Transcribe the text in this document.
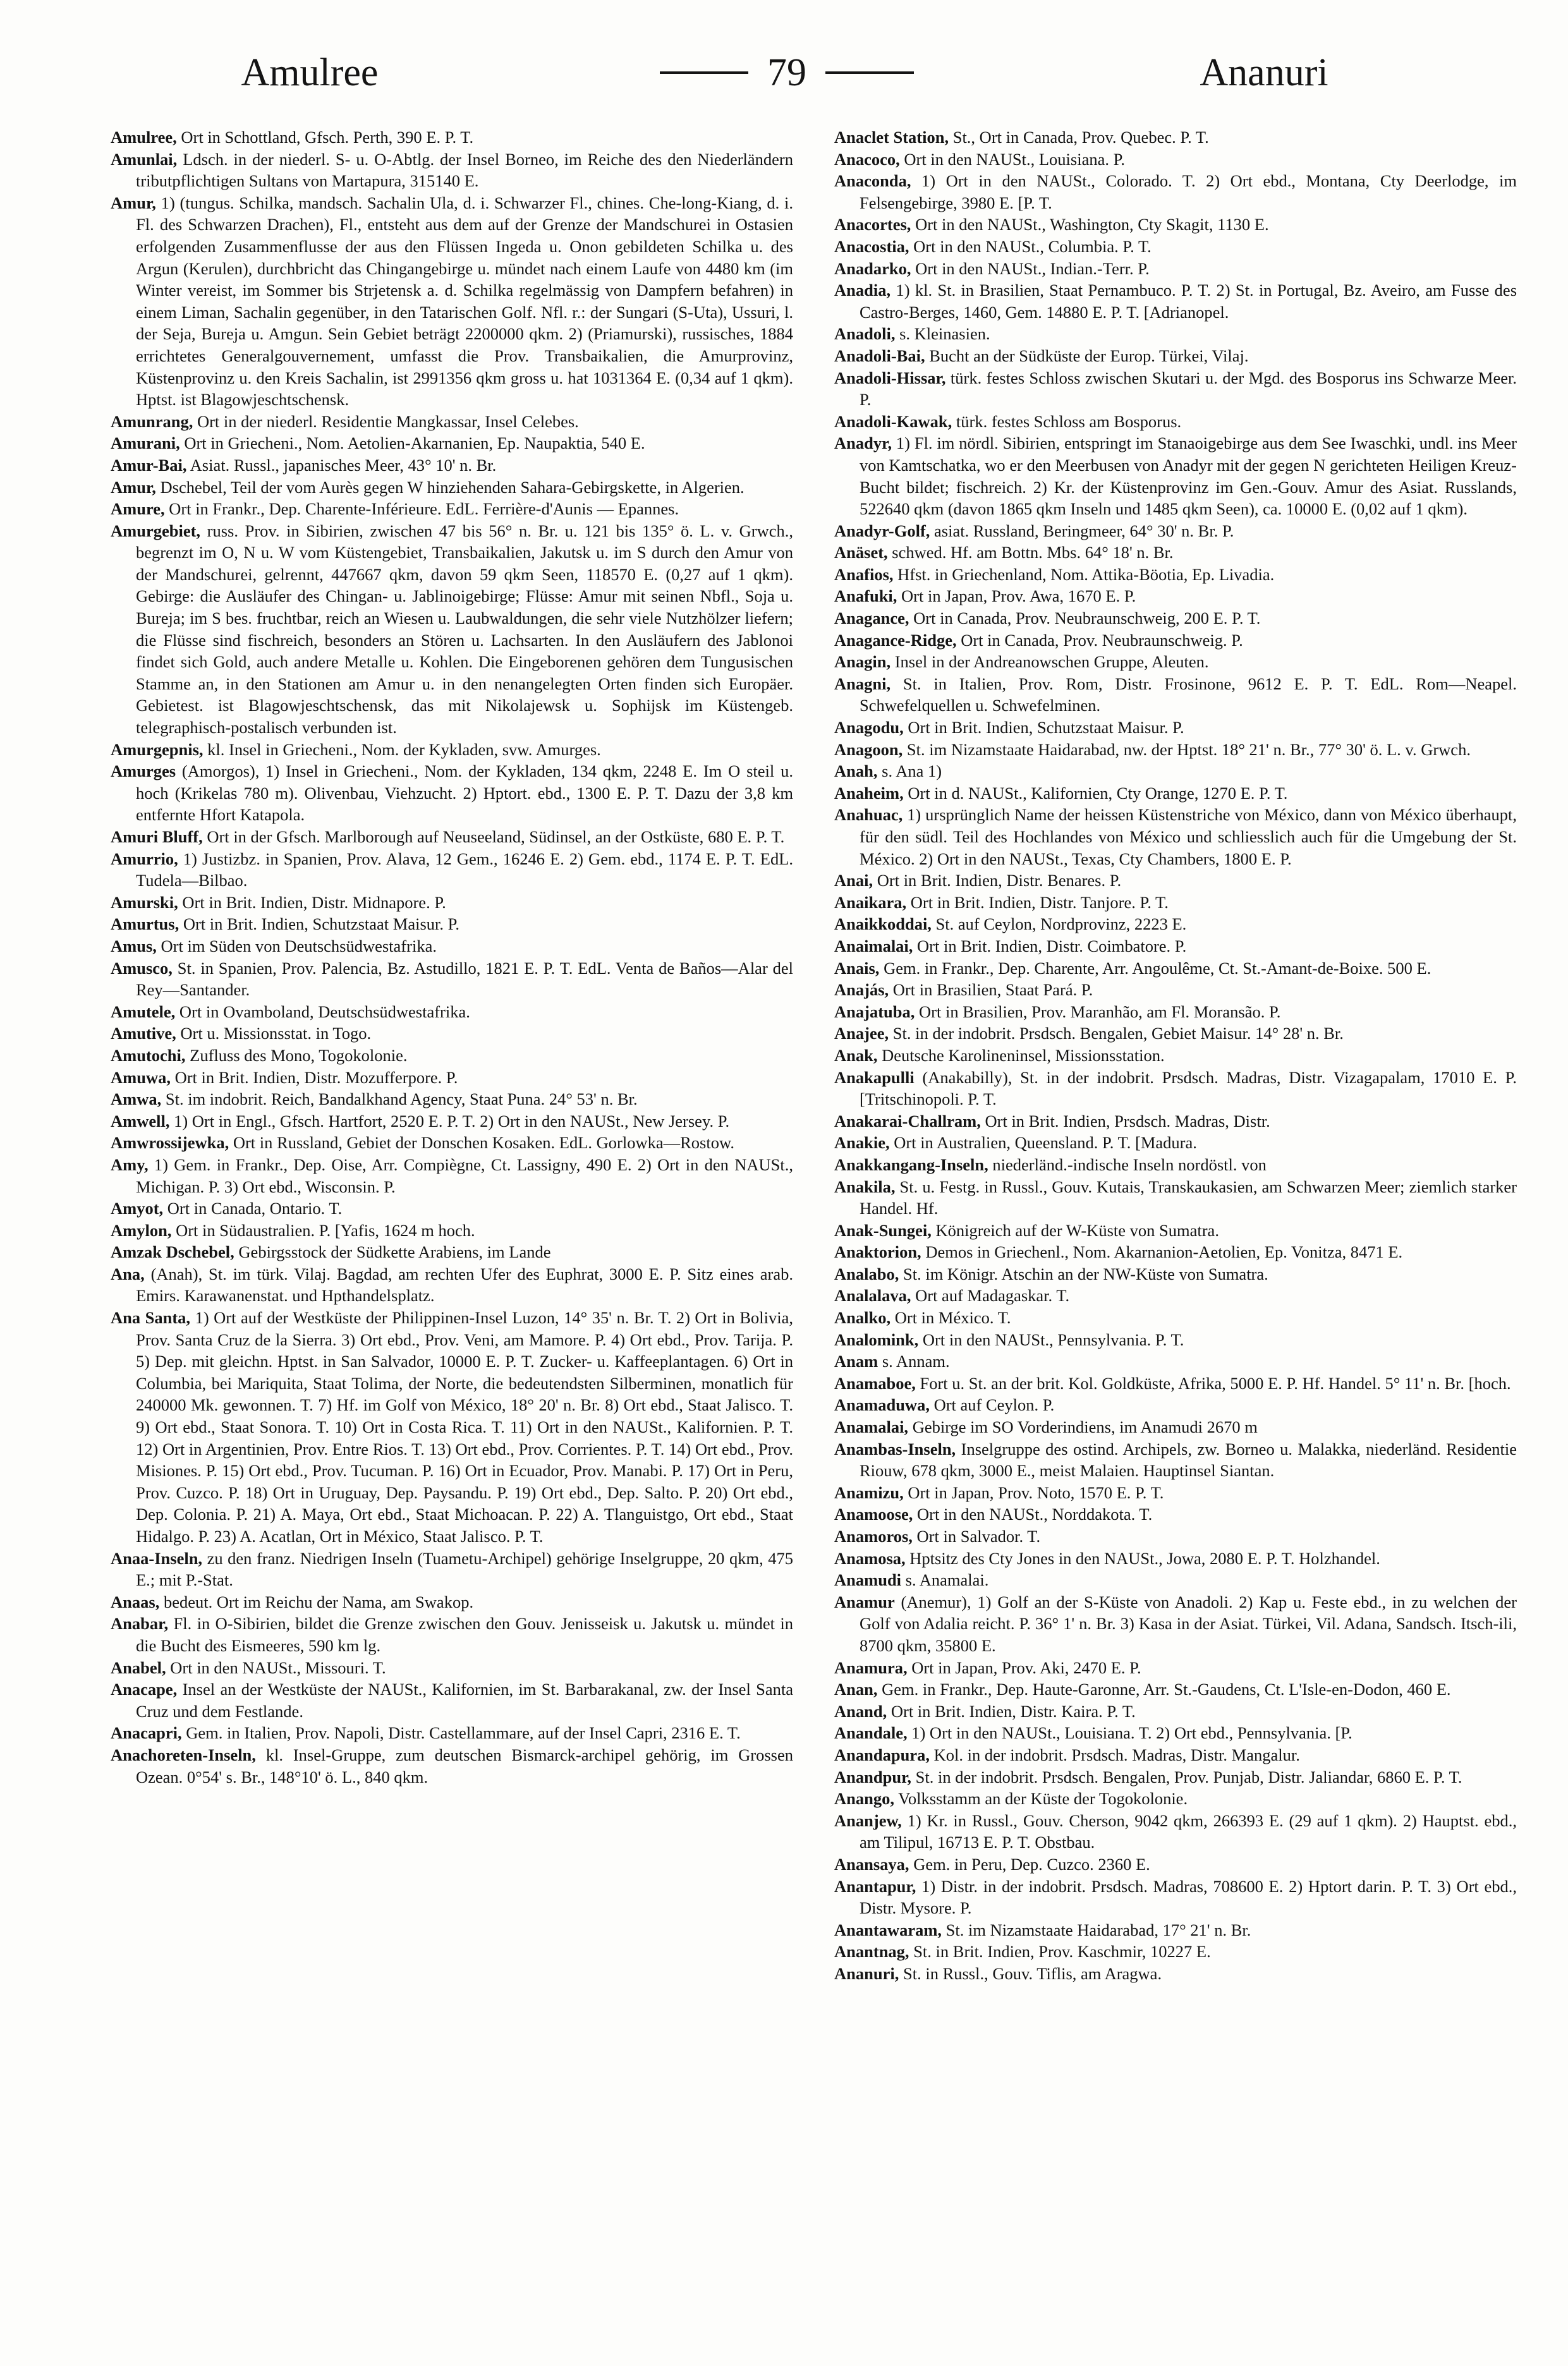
Amulree	79	Ananuri

Amulree, Ort in Schottland, Gfsch. Perth, 390 E. P. T.

Amunlai, Ldsch. in der niederl. S- u. O-Abtlg. der Insel Borneo, im Reiche des den Niederländern tributpflichtigen Sultans von Martapura, 315140 E.

Amur, 1) (tungus. Schilka, mandsch. Sachalin Ula, d. i. Schwarzer Fl., chines. Che-long-Kiang, d. i. Fl. des Schwarzen Drachen), Fl., entsteht aus dem auf der Grenze der Mandschurei in Ostasien erfolgenden Zusammenflusse der aus den Flüssen Ingeda u. Onon gebildeten Schilka u. des Argun (Kerulen), durchbricht das Chingangebirge u. mündet nach einem Laufe von 4480 km (im Winter vereist, im Sommer bis Strjetensk a. d. Schilka regelmässig von Dampfern befahren) in einem Liman, Sachalin gegenüber, in den Tatarischen Golf. Nfl. r.: der Sungari (S-Uta), Ussuri, l. der Seja, Bureja u. Amgun. Sein Gebiet beträgt 2200000 qkm. 2) (Priamurski), russisches, 1884 errichtetes Generalgouvernement, umfasst die Prov. Transbaikalien, die Amurprovinz, Küstenprovinz u. den Kreis Sachalin, ist 2991356 qkm gross u. hat 1031364 E. (0,34 auf 1 qkm). Hptst. ist Blagowjeschtschensk.

Amunrang, Ort in der niederl. Residentie Mangkassar, Insel Celebes.

Amurani, Ort in Griecheni., Nom. Aetolien-Akarnanien, Ep. Naupaktia, 540 E.

Amur-Bai, Asiat. Russl., japanisches Meer, 43° 10' n. Br.

Amur, Dschebel, Teil der vom Aurès gegen W hinziehenden Sahara-Gebirgskette, in Algerien.

Amure, Ort in Frankr., Dep. Charente-Inférieure. EdL. Ferrière-d'Aunis — Epannes.

Amurgebiet, russ. Prov. in Sibirien, zwischen 47 bis 56° n. Br. u. 121 bis 135° ö. L. v. Grwch., begrenzt im O, N u. W vom Küstengebiet, Transbaikalien, Jakutsk u. im S durch den Amur von der Mandschurei, gelrennt, 447667 qkm, davon 59 qkm Seen, 118570 E. (0,27 auf 1 qkm). Gebirge: die Ausläufer des Chingan- u. Jablinoigebirge; Flüsse: Amur mit seinen Nbfl., Soja u. Bureja; im S bes. fruchtbar, reich an Wiesen u. Laubwaldungen, die sehr viele Nutzhölzer liefern; die Flüsse sind fischreich, besonders an Stören u. Lachsarten. In den Ausläufern des Jablonoi findet sich Gold, auch andere Metalle u. Kohlen. Die Eingeborenen gehören dem Tungusischen Stamme an, in den Stationen am Amur u. in den nenangelegten Orten finden sich Europäer. Gebietest. ist Blagowjeschtschensk, das mit Nikolajewsk u. Sophijsk im Küstengeb. telegraphisch-postalisch verbunden ist.

Amurgepnis, kl. Insel in Griecheni., Nom. der Kykladen, svw. Amurges.

Amurges (Amorgos), 1) Insel in Griecheni., Nom. der Kykladen, 134 qkm, 2248 E. Im O steil u. hoch (Krikelas 780 m). Olivenbau, Viehzucht. 2) Hptort. ebd., 1300 E. P. T. Dazu der 3,8 km entfernte Hfort Katapola.

Amuri Bluff, Ort in der Gfsch. Marlborough auf Neuseeland, Südinsel, an der Ostküste, 680 E. P. T.

Amurrio, 1) Justizbz. in Spanien, Prov. Alava, 12 Gem., 16246 E. 2) Gem. ebd., 1174 E. P. T. EdL. Tudela—Bilbao.

Amurski, Ort in Brit. Indien, Distr. Midnapore. P.

Amurtus, Ort in Brit. Indien, Schutzstaat Maisur. P.

Amus, Ort im Süden von Deutschsüdwestafrika.

Amusco, St. in Spanien, Prov. Palencia, Bz. Astudillo, 1821 E. P. T. EdL. Venta de Baños—Alar del Rey—Santander.

Amutele, Ort in Ovamboland, Deutschsüdwestafrika.

Amutive, Ort u. Missionsstat. in Togo.

Amutochi, Zufluss des Mono, Togokolonie.

Amuwa, Ort in Brit. Indien, Distr. Mozufferpore. P.

Amwa, St. im indobrit. Reich, Bandalkhand Agency, Staat Puna. 24° 53' n. Br.

Amwell, 1) Ort in Engl., Gfsch. Hartfort, 2520 E. P. T. 2) Ort in den NAUSt., New Jersey. P.

Amwrossijewka, Ort in Russland, Gebiet der Donschen Kosaken. EdL. Gorlowka—Rostow.

Amy, 1) Gem. in Frankr., Dep. Oise, Arr. Compiègne, Ct. Lassigny, 490 E. 2) Ort in den NAUSt., Michigan. P. 3) Ort ebd., Wisconsin. P.

Amyot, Ort in Canada, Ontario. T.

Amylon, Ort in Südaustralien. P. [Yafis, 1624 m hoch.

Amzak Dschebel, Gebirgsstock der Südkette Arabiens, im Lande

Ana, (Anah), St. im türk. Vilaj. Bagdad, am rechten Ufer des Euphrat, 3000 E. P. Sitz eines arab. Emirs. Karawanenstat. und Hpthandelsplatz.

Ana Santa, 1) Ort auf der Westküste der Philippinen-Insel Luzon, 14° 35' n. Br. T. 2) Ort in Bolivia, Prov. Santa Cruz de la Sierra. 3) Ort ebd., Prov. Veni, am Mamore. P. 4) Ort ebd., Prov. Tarija. P. 5) Dep. mit gleichn. Hptst. in San Salvador, 10000 E. P. T. Zucker- u. Kaffeeplantagen. 6) Ort in Columbia, bei Mariquita, Staat Tolima, der Norte, die bedeutendsten Silberminen, monatlich für 240000 Mk. gewonnen. T. 7) Hf. im Golf von México, 18° 20' n. Br. 8) Ort ebd., Staat Jalisco. T. 9) Ort ebd., Staat Sonora. T. 10) Ort in Costa Rica. T. 11) Ort in den NAUSt., Kalifornien. P. T. 12) Ort in Argentinien, Prov. Entre Rios. T. 13) Ort ebd., Prov. Corrientes. P. T. 14) Ort ebd., Prov. Misiones. P. 15) Ort ebd., Prov. Tucuman. P. 16) Ort in Ecuador, Prov. Manabi. P. 17) Ort in Peru, Prov. Cuzco. P. 18) Ort in Uruguay, Dep. Paysandu. P. 19) Ort ebd., Dep. Salto. P. 20) Ort ebd., Dep. Colonia. P. 21) A. Maya, Ort ebd., Staat Michoacan. P. 22) A. Tlanguistgo, Ort ebd., Staat Hidalgo. P. 23) A. Acatlan, Ort in México, Staat Jalisco. P. T.

Anaa-Inseln, zu den franz. Niedrigen Inseln (Tuametu-Archipel) gehörige Inselgruppe, 20 qkm, 475 E.; mit P.-Stat.

Anaas, bedeut. Ort im Reichu der Nama, am Swakop.

Anabar, Fl. in O-Sibirien, bildet die Grenze zwischen den Gouv. Jenisseisk u. Jakutsk u. mündet in die Bucht des Eismeeres, 590 km lg.

Anabel, Ort in den NAUSt., Missouri. T.

Anacape, Insel an der Westküste der NAUSt., Kalifornien, im St. Barbarakanal, zw. der Insel Santa Cruz und dem Festlande.

Anacapri, Gem. in Italien, Prov. Napoli, Distr. Castellammare, auf der Insel Capri, 2316 E. T.

Anachoreten-Inseln, kl. Insel-Gruppe, zum deutschen Bismarck-archipel gehörig, im Grossen Ozean. 0°54' s. Br., 148°10' ö. L., 840 qkm.

Anaclet Station, St., Ort in Canada, Prov. Quebec. P. T.

Anacoco, Ort in den NAUSt., Louisiana. P.

Anaconda, 1) Ort in den NAUSt., Colorado. T. 2) Ort ebd., Montana, Cty Deerlodge, im Felsengebirge, 3980 E. [P. T.

Anacortes, Ort in den NAUSt., Washington, Cty Skagit, 1130 E.

Anacostia, Ort in den NAUSt., Columbia. P. T.

Anadarko, Ort in den NAUSt., Indian.-Terr. P.

Anadia, 1) kl. St. in Brasilien, Staat Pernambuco. P. T. 2) St. in Portugal, Bz. Aveiro, am Fusse des Castro-Berges, 1460, Gem. 14880 E. P. T. [Adrianopel.

Anadoli, s. Kleinasien.

Anadoli-Bai, Bucht an der Südküste der Europ. Türkei, Vilaj.

Anadoli-Hissar, türk. festes Schloss zwischen Skutari u. der Mgd. des Bosporus ins Schwarze Meer. P.

Anadoli-Kawak, türk. festes Schloss am Bosporus.

Anadyr, 1) Fl. im nördl. Sibirien, entspringt im Stanaoigebirge aus dem See Iwaschki, undl. ins Meer von Kamtschatka, wo er den Meerbusen von Anadyr mit der gegen N gerichteten Heiligen Kreuz-Bucht bildet; fischreich. 2) Kr. der Küstenprovinz im Gen.-Gouv. Amur des Asiat. Russlands, 522640 qkm (davon 1865 qkm Inseln und 1485 qkm Seen), ca. 10000 E. (0,02 auf 1 qkm).

Anadyr-Golf, asiat. Russland, Beringmeer, 64° 30' n. Br. P.

Anäset, schwed. Hf. am Bottn. Mbs. 64° 18' n. Br.

Anafios, Hfst. in Griechenland, Nom. Attika-Böotia, Ep. Livadia.

Anafuki, Ort in Japan, Prov. Awa, 1670 E. P.

Anagance, Ort in Canada, Prov. Neubraunschweig, 200 E. P. T.

Anagance-Ridge, Ort in Canada, Prov. Neubraunschweig. P.

Anagin, Insel in der Andreanowschen Gruppe, Aleuten.

Anagni, St. in Italien, Prov. Rom, Distr. Frosinone, 9612 E. P. T. EdL. Rom—Neapel. Schwefelquellen u. Schwefelminen.

Anagodu, Ort in Brit. Indien, Schutzstaat Maisur. P.

Anagoon, St. im Nizamstaate Haidarabad, nw. der Hptst. 18° 21' n. Br., 77° 30' ö. L. v. Grwch.

Anah, s. Ana 1)

Anaheim, Ort in d. NAUSt., Kalifornien, Cty Orange, 1270 E. P. T.

Anahuac, 1) ursprünglich Name der heissen Küstenstriche von México, dann von México überhaupt, für den südl. Teil des Hochlandes von México und schliesslich auch für die Umgebung der St. México. 2) Ort in den NAUSt., Texas, Cty Chambers, 1800 E. P.

Anai, Ort in Brit. Indien, Distr. Benares. P.

Anaikara, Ort in Brit. Indien, Distr. Tanjore. P. T.

Anaikkoddai, St. auf Ceylon, Nordprovinz, 2223 E.

Anaimalai, Ort in Brit. Indien, Distr. Coimbatore. P.

Anais, Gem. in Frankr., Dep. Charente, Arr. Angoulême, Ct. St.-Amant-de-Boixe. 500 E.

Anajás, Ort in Brasilien, Staat Pará. P.

Anajatuba, Ort in Brasilien, Prov. Maranhão, am Fl. Moransão. P.

Anajee, St. in der indobrit. Prsdsch. Bengalen, Gebiet Maisur. 14° 28' n. Br.

Anak, Deutsche Karolineninsel, Missionsstation.

Anakapulli (Anakabilly), St. in der indobrit. Prsdsch. Madras, Distr. Vizagapalam, 17010 E. P. [Tritschinopoli. P. T.

Anakarai-Challram, Ort in Brit. Indien, Prsdsch. Madras, Distr.

Anakie, Ort in Australien, Queensland. P. T. [Madura.

Anakkangang-Inseln, niederländ.-indische Inseln nordöstl. von

Anakila, St. u. Festg. in Russl., Gouv. Kutais, Transkaukasien, am Schwarzen Meer; ziemlich starker Handel. Hf.

Anak-Sungei, Königreich auf der W-Küste von Sumatra.

Anaktorion, Demos in Griechenl., Nom. Akarnanion-Aetolien, Ep. Vonitza, 8471 E.

Analabo, St. im Königr. Atschin an der NW-Küste von Sumatra.

Analalava, Ort auf Madagaskar. T.

Analko, Ort in México. T.

Analomink, Ort in den NAUSt., Pennsylvania. P. T.

Anam s. Annam.

Anamaboe, Fort u. St. an der brit. Kol. Goldküste, Afrika, 5000 E. P. Hf. Handel. 5° 11' n. Br. [hoch.

Anamaduwa, Ort auf Ceylon. P.

Anamalai, Gebirge im SO Vorderindiens, im Anamudi 2670 m

Anambas-Inseln, Inselgruppe des ostind. Archipels, zw. Borneo u. Malakka, niederländ. Residentie Riouw, 678 qkm, 3000 E., meist Malaien. Hauptinsel Siantan.

Anamizu, Ort in Japan, Prov. Noto, 1570 E. P. T.

Anamoose, Ort in den NAUSt., Norddakota. T.

Anamoros, Ort in Salvador. T.

Anamosa, Hptsitz des Cty Jones in den NAUSt., Jowa, 2080 E. P. T. Holzhandel.

Anamudi s. Anamalai.

Anamur (Anemur), 1) Golf an der S-Küste von Anadoli. 2) Kap u. Feste ebd., in zu welchen der Golf von Adalia reicht. P. 36° 1' n. Br. 3) Kasa in der Asiat. Türkei, Vil. Adana, Sandsch. Itsch-ili, 8700 qkm, 35800 E.

Anamura, Ort in Japan, Prov. Aki, 2470 E. P.

Anan, Gem. in Frankr., Dep. Haute-Garonne, Arr. St.-Gaudens, Ct. L'Isle-en-Dodon, 460 E.

Anand, Ort in Brit. Indien, Distr. Kaira. P. T.

Anandale, 1) Ort in den NAUSt., Louisiana. T. 2) Ort ebd., Pennsylvania. [P.

Anandapura, Kol. in der indobrit. Prsdsch. Madras, Distr. Mangalur.

Anandpur, St. in der indobrit. Prsdsch. Bengalen, Prov. Punjab, Distr. Jaliandar, 6860 E. P. T.

Anango, Volksstamm an der Küste der Togokolonie.

Ananjew, 1) Kr. in Russl., Gouv. Cherson, 9042 qkm, 266393 E. (29 auf 1 qkm). 2) Hauptst. ebd., am Tilipul, 16713 E. P. T. Obstbau.

Anansaya, Gem. in Peru, Dep. Cuzco. 2360 E.

Anantapur, 1) Distr. in der indobrit. Prsdsch. Madras, 708600 E. 2) Hptort darin. P. T. 3) Ort ebd., Distr. Mysore. P.

Anantawaram, St. im Nizamstaate Haidarabad, 17° 21' n. Br.

Anantnag, St. in Brit. Indien, Prov. Kaschmir, 10227 E.

Ananuri, St. in Russl., Gouv. Tiflis, am Aragwa.
